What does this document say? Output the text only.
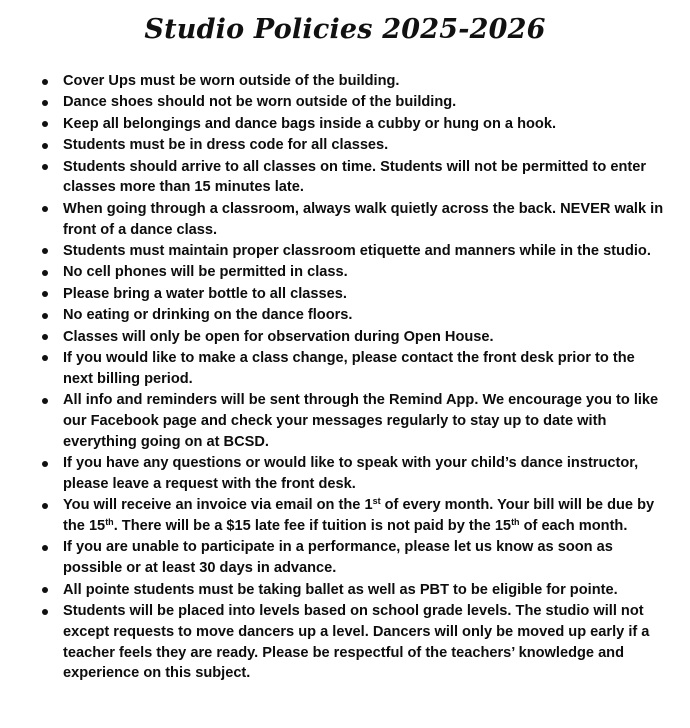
Studio Policies 2025-2026
Cover Ups must be worn outside of the building.
Dance shoes should not be worn outside of the building.
Keep all belongings and dance bags inside a cubby or hung on a hook.
Students must be in dress code for all classes.
Students should arrive to all classes on time. Students will not be permitted to enter classes more than 15 minutes late.
When going through a classroom, always walk quietly across the back. NEVER walk in front of a dance class.
Students must maintain proper classroom etiquette and manners while in the studio.
No cell phones will be permitted in class.
Please bring a water bottle to all classes.
No eating or drinking on the dance floors.
Classes will only be open for observation during Open House.
If you would like to make a class change, please contact the front desk prior to the next billing period.
All info and reminders will be sent through the Remind App. We encourage you to like our Facebook page and check your messages regularly to stay up to date with everything going on at BCSD.
If you have any questions or would like to speak with your child’s dance instructor, please leave a request with the front desk.
You will receive an invoice via email on the 1st of every month. Your bill will be due by the 15th. There will be a $15 late fee if tuition is not paid by the 15th of each month.
If you are unable to participate in a performance, please let us know as soon as possible or at least 30 days in advance.
All pointe students must be taking ballet as well as PBT to be eligible for pointe.
Students will be placed into levels based on school grade levels. The studio will not except requests to move dancers up a level. Dancers will only be moved up early if a teacher feels they are ready. Please be respectful of the teachers’ knowledge and experience on this subject.
